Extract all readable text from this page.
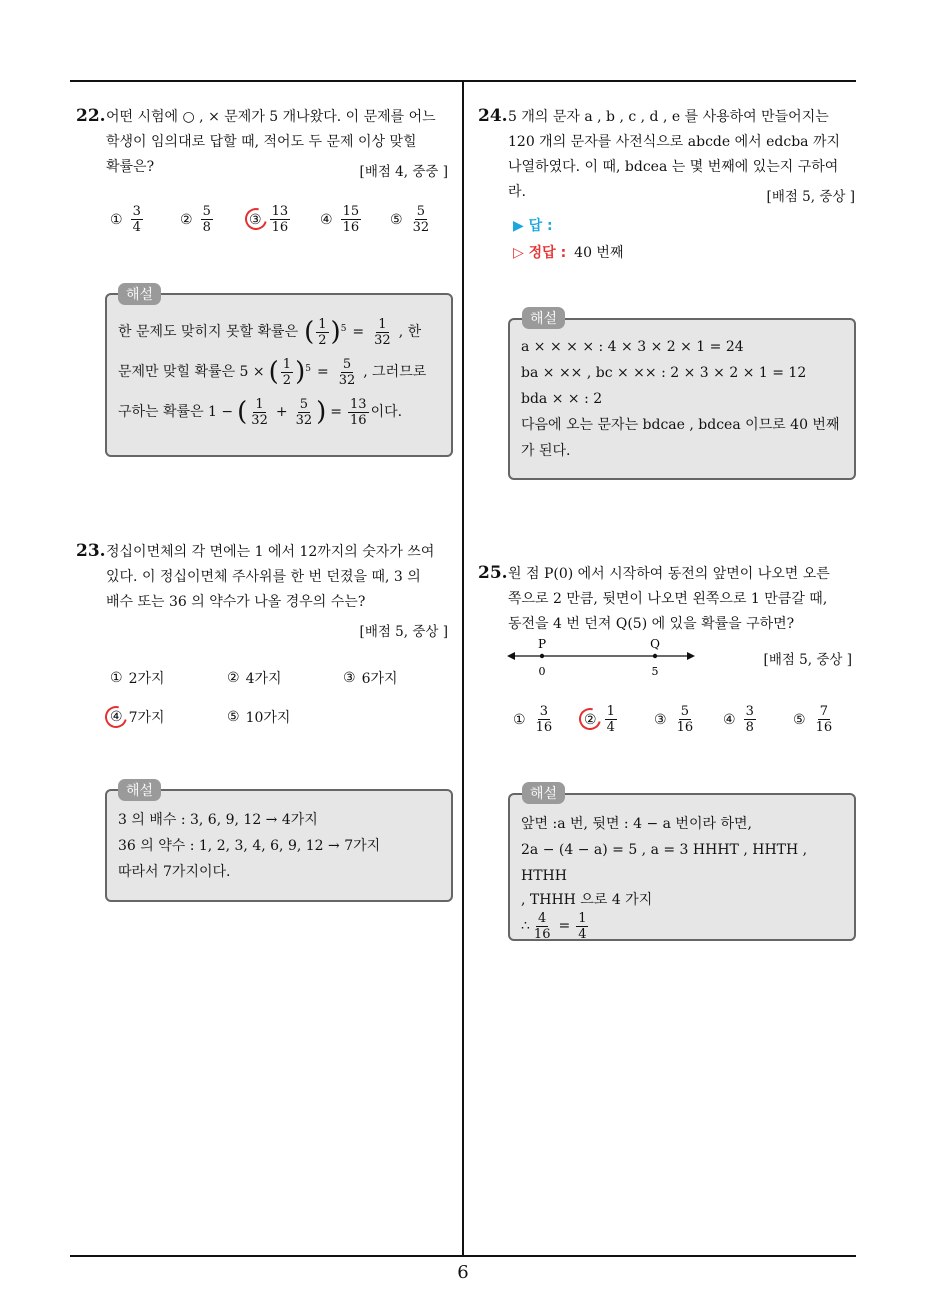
6
22. 어떤 시험에 ○ , × 문제가 5 개나왔다. 이 문제를 어느
학생이 임의대로 답할 때, 적어도 두 문제 이상 맞힐
확률은?	[배점 4, 중중 ]
① $\frac{3}{4}$	② $\frac{5}{8}$	③ $\frac{13}{16}$ ④ $\frac{15}{16}$ ⑤ $\frac{5}{32}$
해설
한 문제도 맞히지 못할 확률은 ( $\frac{1}{2} )^5 = \frac{1}{32}$ , 한
문제만 맞힐 확률은 5 × ( $\frac{1}{2} )^5 = \frac{5}{32}$ , 그러므로
구하는 확률은 1 − ( $\frac{1}{32} + \frac{5}{32}$ ) = $\frac{13}{16}$ 이다.
23. 정십이면체의 각 면에는 1 에서 12까지의 숫자가 쓰여
있다. 이 정십이면체 주사위를 한 번 던졌을 때, 3 의
배수 또는 36 의 약수가 나올 경우의 수는?
[배점 5, 중상 ]
① 2가지	② 4가지	③ 6가지
④ 7가지	⑤ 10가지
해설
3 의 배수 : 3, 6, 9, 12 → 4가지
36 의 약수 : 1, 2, 3, 4, 6, 9, 12 → 7가지
따라서 7가지이다.
24. 5 개의 문자 a , b , c , d , e 를 사용하여 만들어지는
120 개의 문자를 사전식으로 abcde 에서 edcba 까지
나열하였다. 이 때, bdcea 는 몇 번째에 있는지 구하여
라.	[배점 5, 중상 ]
▶ 답 :
▷ 정답 : 40 번째
해설
a × × × × : 4 × 3 × 2 × 1 = 24
ba × ×× , bc × ×× : 2 × 3 × 2 × 1 = 12
bda × × : 2
다음에 오는 문자는 bdcae , bdcea 이므로 40 번째
가 된다.
25. 원 점 P(0) 에서 시작하여 동전의 앞면이 나오면 오른
쪽으로 2 만큼, 뒷면이 나오면 왼쪽으로 1 만큼갈 때,
동전을 4 번 던져 Q(5) 에 있을 확률을 구하면?
P	Q
0	5
[배점 5, 중상 ]
① $\frac{3}{16}$ ② $\frac{1}{4}$	③ $\frac{5}{16}$ ④ $\frac{3}{8}$	⑤ $\frac{7}{16}$
해설
앞면 :a 번, 뒷면 : 4 − a 번이라 하면,
2a − (4 − a) = 5 , a = 3 HHHT , HHTH , HTHH
, THHH 으로 4 가지
∴ $\frac{4}{16} = \frac{1}{4}$
